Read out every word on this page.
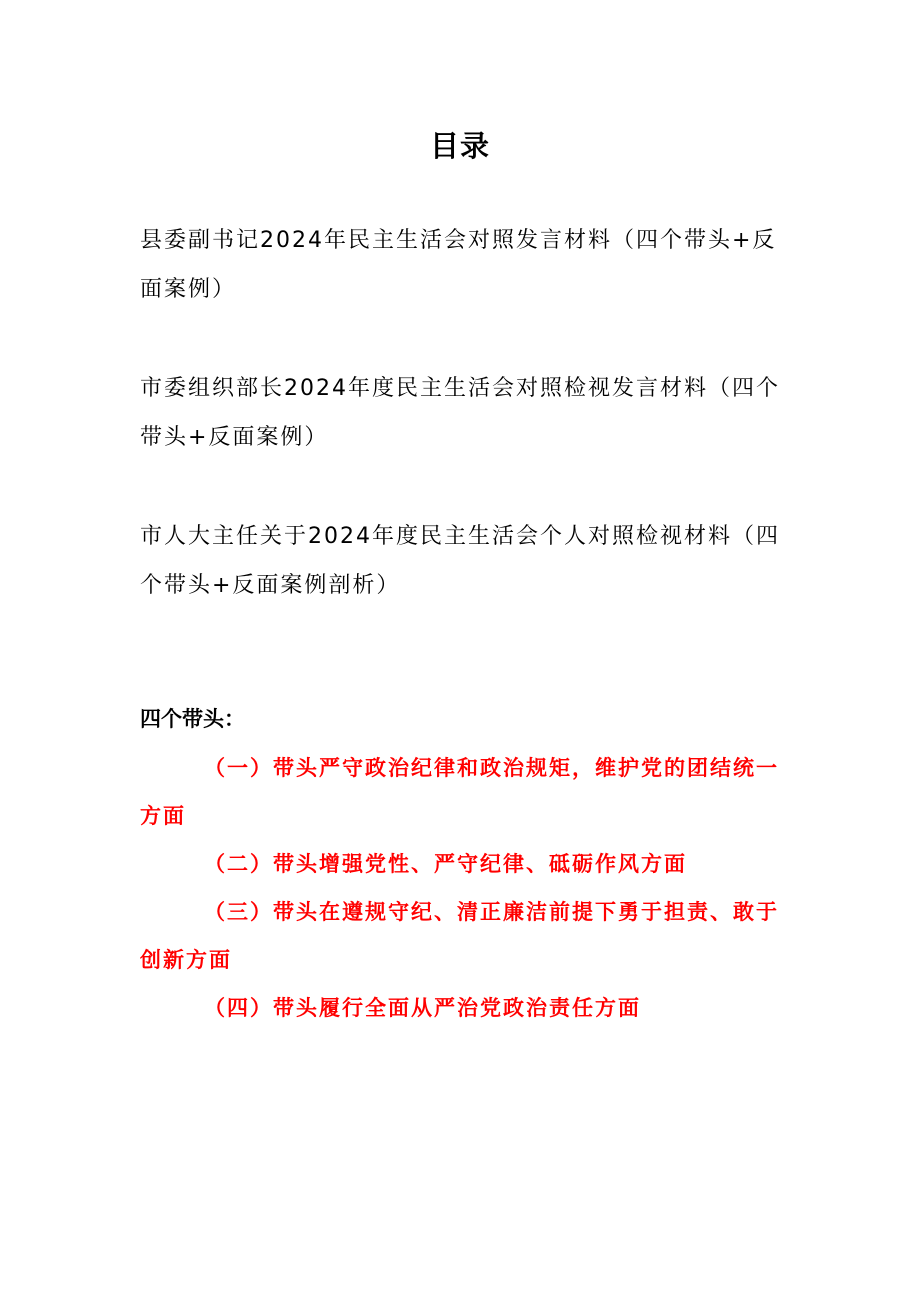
目录
县委副书记2024年民主生活会对照发言材料（四个带头+反面案例）
市委组织部长2024年度民主生活会对照检视发言材料（四个带头+反面案例）
市人大主任关于2024年度民主生活会个人对照检视材料（四个带头+反面案例剖析）
四个带头：
（一）带头严守政治纪律和政治规矩，维护党的团结统一方面
（二）带头增强党性、严守纪律、砥砺作风方面
（三）带头在遵规守纪、清正廉洁前提下勇于担责、敢于创新方面
（四）带头履行全面从严治党政治责任方面
